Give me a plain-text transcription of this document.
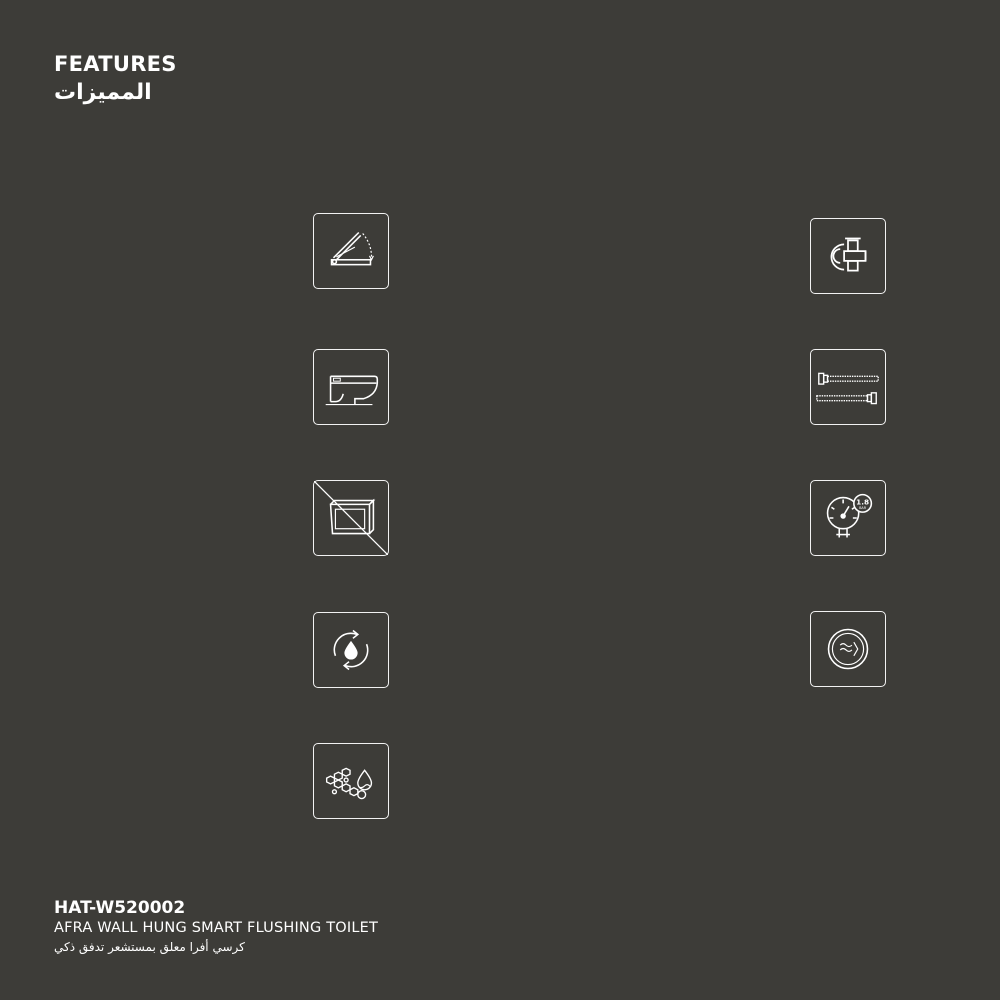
FEATURES
المميزات
1.8
BAR
HAT-W520002
AFRA WALL HUNG SMART FLUSHING TOILET
كرسي أفرا معلق بمستشعر تدفق ذكي
